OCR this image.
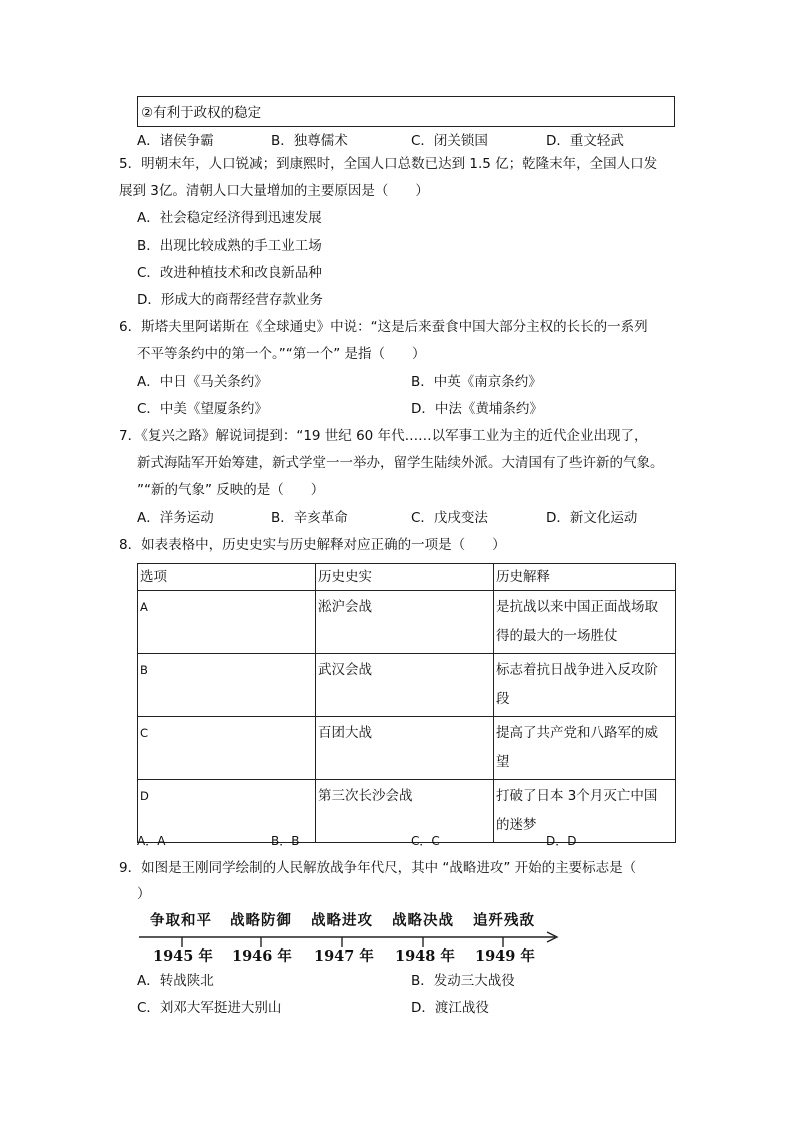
②有利于政权的稳定
A．诸侯争霸	B．独尊儒术	C．闭关锁国	D．重文轻武
5．明朝末年，人口锐减；到康熙时，全国人口总数已达到 1.5 亿；乾隆末年，全国人口发
展到 3亿。清朝人口大量增加的主要原因是（　　）
A．社会稳定经济得到迅速发展
B．出现比较成熟的手工业工场
C．改进种植技术和改良新品种
D．形成大的商帮经营存款业务
6．斯塔夫里阿诺斯在《全球通史》中说：“这是后来蚕食中国大部分主权的长长的一系列
不平等条约中的第一个。”“第一个” 是指（　　）
A．中日《马关条约》	B．中英《南京条约》
C．中美《望厦条约》	D．中法《黄埔条约》
7．《复兴之路》解说词提到：“19 世纪 60 年代……以军事工业为主的近代企业出现了，
新式海陆军开始筹建，新式学堂一一举办，留学生陆续外派。大清国有了些许新的气象。
”“新的气象” 反映的是（　　）
A．洋务运动	B．辛亥革命	C．戊戌变法	D．新文化运动
8．如表表格中，历史史实与历史解释对应正确的一项是（　　）
选项	历史史实	历史解释
A	淞沪会战	是抗战以来中国正面战场取
得的最大的一场胜仗

B	武汉会战	标志着抗日战争进入反攻阶
段

C	百团大战	提高了共产党和八路军的威
望

D	第三次长沙会战	打破了日本 3个月灭亡中国
的迷梦
A．A	B．B	C．C	D．D
9．如图是王刚同学绘制的人民解放战争年代尺，其中 “战略进攻” 开始的主要标志是（
）
争取和平 战略防御 战略进攻 战略决战 追歼残敌
1945 年 1946 年 1947 年 1948 年 1949 年
A．转战陕北	B．发动三大战役
C．刘邓大军挺进大别山	D．渡江战役
